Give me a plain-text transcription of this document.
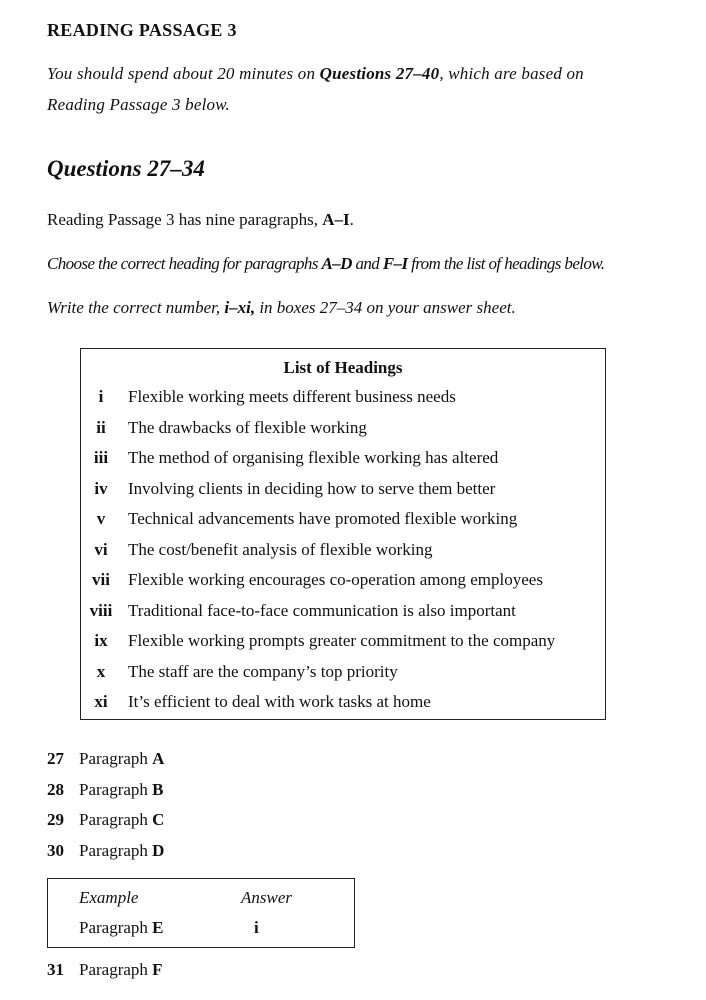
READING PASSAGE 3
You should spend about 20 minutes on Questions 27–40, which are based on
Reading Passage 3 below.
Questions 27–34
Reading Passage 3 has nine paragraphs, A–I.
Choose the correct heading for paragraphs A–D and F–I from the list of headings below.
Write the correct number, i–xi, in boxes 27–34 on your answer sheet.
List of Headings
i	Flexible working meets different business needs
ii	The drawbacks of flexible working
iii	The method of organising flexible working has altered
iv	Involving clients in deciding how to serve them better
v	Technical advancements have promoted flexible working
vi	The cost/benefit analysis of flexible working
vii	Flexible working encourages co-operation among employees
viii Traditional face-to-face communication is also important
ix	Flexible working prompts greater commitment to the company
x	The staff are the company’s top priority
xi	It’s efficient to deal with work tasks at home
27 Paragraph A
28 Paragraph B
29 Paragraph C
30 Paragraph D
Example	Answer
Paragraph E	i
31 Paragraph F
